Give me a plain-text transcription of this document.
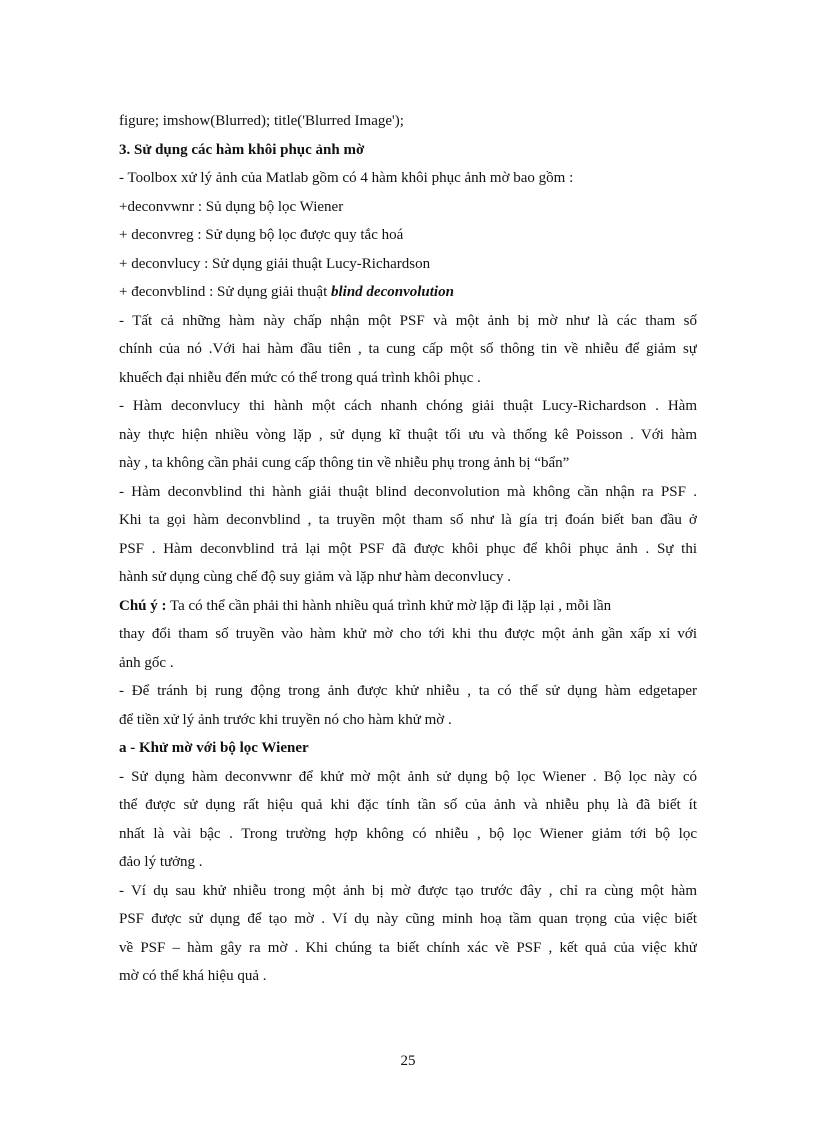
figure; imshow(Blurred); title('Blurred Image');
3. Sử dụng các hàm khôi phục ảnh mờ
- Toolbox xử lý ảnh của Matlab gồm có 4 hàm khôi phục ảnh mờ bao gồm :
+deconvwnr : Sủ dụng bộ lọc Wiener
+ deconvreg : Sử dụng bộ lọc được quy tắc hoá
+ deconvlucy : Sử dụng giải thuật Lucy-Richardson
+ đeconvblind : Sử dụng giải thuật blind deconvolution
- Tất cả những hàm này chấp nhận một PSF và một ảnh bị mờ như là các tham số
chính của nó .Với hai hàm đầu tiên , ta cung cấp một số thông tin về nhiễu để giảm sự
khuếch đại nhiễu đến mức có thể trong quá trình khôi phục .
- Hàm deconvlucy thi hành một cách nhanh chóng giải thuật Lucy-Richardson . Hàm
này thực hiện nhiều vòng lặp , sử dụng kĩ thuật tối ưu và thống kê Poisson . Với hàm
này , ta không cần phải cung cấp thông tin về nhiễu phụ trong ảnh bị “bẩn”
- Hàm deconvblind thi hành giải thuật blind deconvolution mà không cần nhận ra PSF .
Khi ta gọi hàm deconvblind , ta truyền một tham số như là gía trị đoán biết ban đầu ở
PSF . Hàm deconvblind trả lại một PSF đã được khôi phục để khôi phục ảnh . Sự thi
hành sử dụng cùng chế độ suy giảm và lặp như hàm deconvlucy .
Chú ý : Ta có thể cần phải thi hành nhiều quá trình khử mờ lặp đi lặp lại , mỗi lần
thay đổi tham số truyền vào hàm khử mờ cho tới khi thu được một ảnh gần xấp xỉ với
ảnh gốc .
- Để tránh bị rung động trong ảnh được khử nhiễu , ta có thể sử dụng hàm edgetaper
để tiền xử lý ảnh trước khi truyền nó cho hàm khử mờ .
a - Khử mờ với bộ lọc Wiener
- Sử dụng hàm deconvwnr để khử mờ một ảnh sử dụng bộ lọc Wiener . Bộ lọc này có
thể được sử dụng rất hiệu quả khi đặc tính tần số của ảnh và nhiễu phụ là đã biết ít
nhất là vài bậc . Trong trường hợp không có nhiễu , bộ lọc Wiener giảm tới bộ lọc
đảo lý tưởng .
- Ví dụ sau khử nhiễu trong một ảnh bị mờ được tạo trước đây , chỉ ra cùng một hàm
PSF được sử dụng để tạo mờ . Ví dụ này cũng minh hoạ tầm quan trọng của việc biết
về PSF – hàm gây ra mờ . Khi chúng ta biết chính xác về PSF , kết quả của việc khử
mờ có thể khá hiệu quả .
25
